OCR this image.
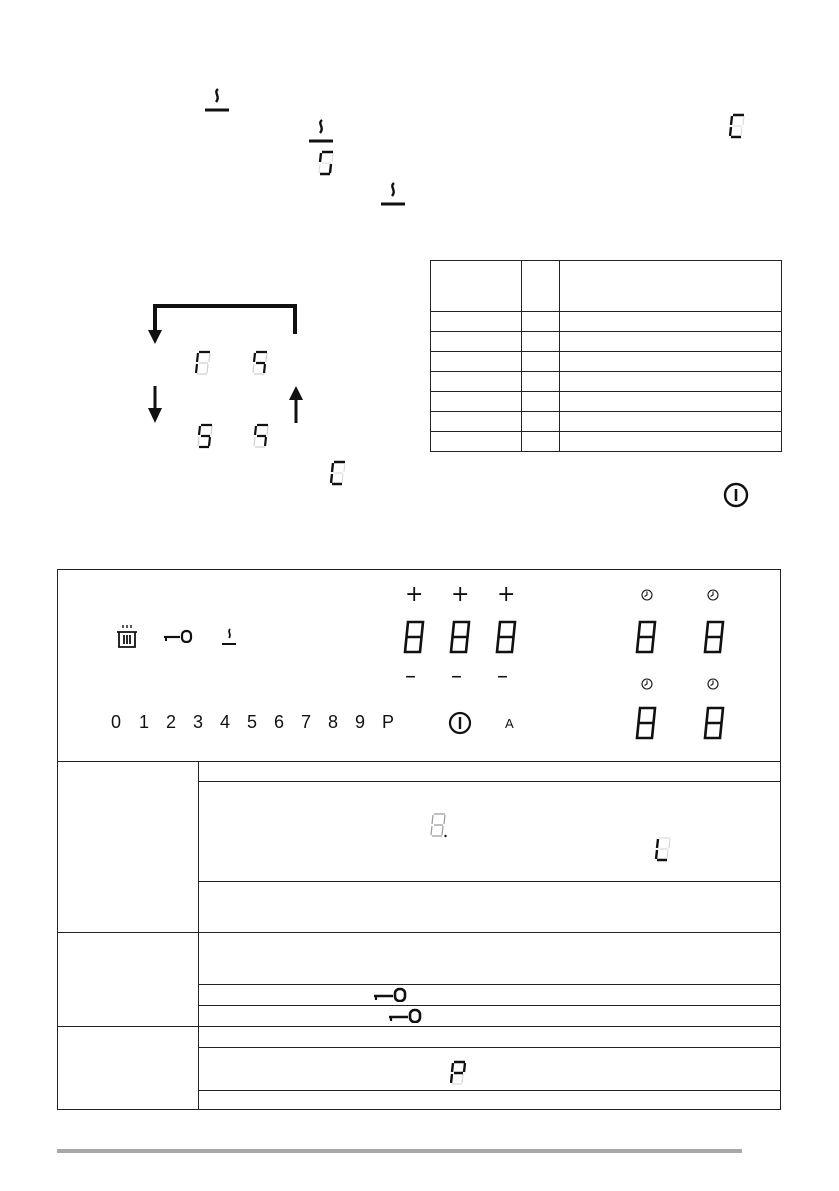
+ + +
– – –
0 1 2 3 4 5 6 7 8 9 P	A
